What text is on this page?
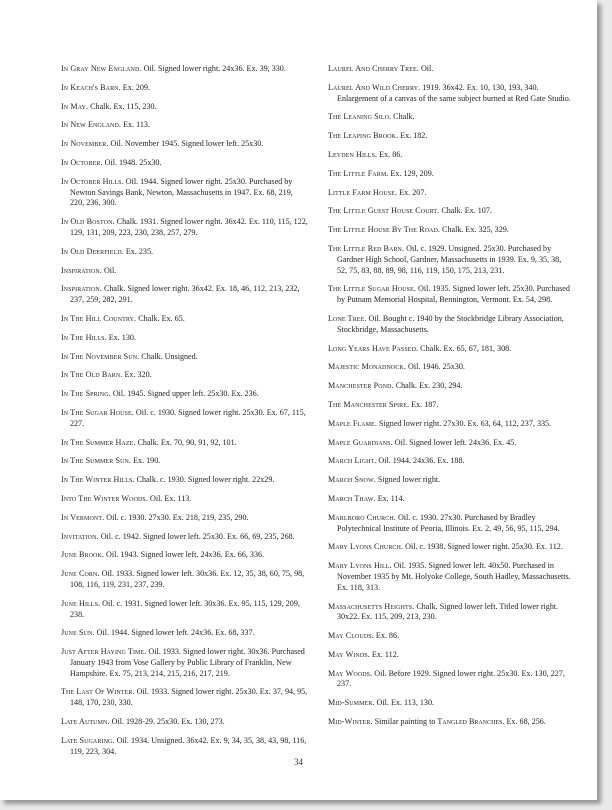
In Gray New England. Oil. Signed lower right. 24x36. Ex. 39, 330.
In Keach's Barn. Ex. 209.
In May. Chalk. Ex. 115, 230.
In New England. Ex. 113.
In November. Oil. November 1945. Signed lower left. 25x30.
In October. Oil. 1948. 25x30.
In October Hills. Oil. 1944. Signed lower right. 25x30. Purchased by Newton Savings Bank, Newton, Massachusetts in 1947. Ex. 68, 219, 220, 236, 300.
In Old Boston. Chalk. 1931. Signed lower right. 36x42. Ex. 110, 115, 122, 129, 131, 209, 223, 230, 238, 257, 279.
In Old Deerfield. Ex. 235.
Inspiration. Oil.
Inspiration. Chalk. Signed lower right. 36x42. Ex. 18, 46, 112, 213, 232, 237, 259, 282, 291.
In The Hill Country. Chalk. Ex. 65.
In The Hills. Ex. 130.
In The November Sun. Chalk. Unsigned.
In The Old Barn. Ex. 320.
In The Spring. Oil. 1945. Signed upper left. 25x30. Ex. 236.
In The Sugar House. Oil. c. 1930. Signed lower right. 25x30. Ex. 67, 115, 227.
In The Summer Haze. Chalk. Ex. 70, 90, 91, 92, 101.
In The Summer Sun. Ex. 190.
In The Winter Hills. Chalk. c. 1930. Signed lower right. 22x29.
Into The Winter Woods. Oil. Ex. 113.
In Vermont. Oil. c. 1930. 27x30. Ex. 218, 219, 235, 290.
Invitation. Oil. c. 1942. Signed lower left. 25x30. Ex. 66, 69, 235, 268.
June Brook. Oil. 1943. Signed lower left. 24x36. Ex. 66, 336.
June Corn. Oil. 1933. Signed lower left. 30x36. Ex. 12, 35, 38, 60, 75, 98, 108, 116, 119, 231, 237, 239.
June Hills. Oil. c. 1931. Signed lower left. 30x36. Ex. 95, 115, 129, 209, 238.
June Sun. Oil. 1944. Signed lower left. 24x36. Ex. 68, 337.
Just After Haying Time. Oil. 1933. Signed lower right. 30x36. Purchased January 1943 from Vose Gallery by Public Library of Franklin, New Hampshire. Ex. 75, 213, 214, 215, 216, 217, 219.
The Last Of Winter. Oil. 1933. Signed lower right. 25x30. Ex. 37, 94, 95, 148, 170, 230, 330.
Late Autumn. Oil. 1928-29. 25x30. Ex. 130, 273.
Late Sugaring. Oil. 1934. Unsigned. 36x42. Ex. 9, 34, 35, 38, 43, 98, 116, 119, 223, 304.
Laurel And Cherry Tree. Oil.
Laurel And Wild Cherry. 1919. 36x42. Ex. 10, 130, 193, 340. Enlargement of a canvas of the same subject burned at Red Gate Studio.
The Leaning Silo. Chalk.
The Leaping Brook. Ex. 182.
Leyden Hills. Ex. 86.
The Little Farm. Ex. 129, 209.
Little Farm House. Ex. 207.
The Little Guest House Court. Chalk. Ex. 107.
The Little House By The Road. Chalk. Ex. 325, 329.
The Little Red Barn. Oil. c. 1929. Unsigned. 25x30. Purchased by Gardner High School, Gardner, Massachusetts in 1939. Ex. 9, 35, 38, 52, 75, 83, 88, 89, 98, 116, 119, 150, 175, 213, 231.
The Little Sugar House. Oil. 1935. Signed lower left. 25x30. Purchased by Putnam Memorial Hospital, Bennington, Vermont. Ex. 54, 298.
Lone Tree. Oil. Bought c. 1940 by the Stockbridge Library Association, Stockbridge, Massachusetts.
Long Years Have Passed. Chalk. Ex. 65, 67, 181, 308.
Majestic Monadnock. Oil. 1946. 25x30.
Manchester Pond. Chalk. Ex. 230, 294.
The Manchester Spire. Ex. 187.
Maple Flame. Signed lower right. 27x30. Ex. 63, 64, 112, 237, 335.
Maple Guardians. Oil. Signed lower left. 24x36. Ex. 45.
March Light. Oil. 1944. 24x36. Ex. 188.
March Snow. Signed lower right.
March Thaw. Ex. 114.
Marlboro Church. Oil. c. 1930. 27x30. Purchased by Bradley Polytechnical Institute of Peoria, Illinois. Ex. 2, 49, 56, 95, 115, 294.
Mary Lyons Church. Oil. c. 1938. Signed lower right. 25x30. Ex. 112.
Mary Lyons Hill. Oil. 1935. Signed lower left. 40x50. Purchased in November 1935 by Mt. Holyoke College, South Hadley, Massachusetts. Ex. 118, 313.
Massachusetts Heights. Chalk. Signed lower left. Titled lower right. 30x22. Ex. 115, 209, 213, 230.
May Clouds. Ex. 86.
May Winds. Ex. 112.
May Woods. Oil. Before 1929. Signed lower right. 25x30. Ex. 130, 227, 237.
Mid-Summer. Oil. Ex. 113, 130.
Mid-Winter. Similar painting to Tangled Branches. Ex. 68, 256.
34
